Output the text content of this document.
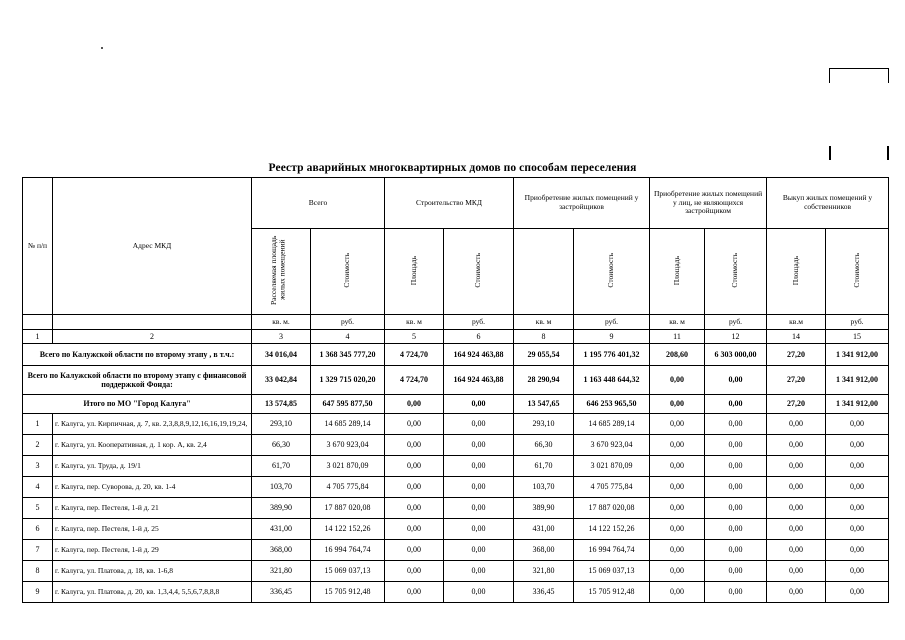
Реестр аварийных многоквартирных домов по способам переселения
№ п/п	Адрес МКД	Всего		Строительство МКД		Приобретение жилых помещений у застройщиков		Приобретение жилых помещений у лиц, не являющихся застройщиком		Выкуп жилых помещений у собственников	
		Расселяемая площадь жилых помещений	Стоимость	Площадь	Стоимость		Стоимость	Площадь	Стоимость	Площадь	Стоимость
		кв. м.	руб.	кв. м	руб.	кв. м	руб.	кв. м	руб.	кв.м	руб.
1	2	3	4	5	6	8	9	11	12	14	15
Всего по Калужской области по второму этапу , в т.ч.:		34 016,04	1 368 345 777,20	4 724,70	164 924 463,88	29 055,54	1 195 776 401,32	208,60	6 303 000,00	27,20	1 341 912,00
Всего по Калужской области по второму этапу с финансовой поддержкой Фонда:		33 042,84	1 329 715 020,20	4 724,70	164 924 463,88	28 290,94	1 163 448 644,32	0,00	0,00	27,20	1 341 912,00
Итого по МО "Город Калуга"		13 574,85	647 595 877,50	0,00	0,00	13 547,65	646 253 965,50	0,00	0,00	27,20	1 341 912,00
1	г. Калуга, ул. Кирпичная, д. 7, кв. 2,3,8,8,9,12,16,16,19,19,24,	293,10	14 685 289,14	0,00	0,00	293,10	14 685 289,14	0,00	0,00	0,00	0,00
2	г. Калуга, ул. Кооперативная, д. 1 кор. А, кв. 2,4	66,30	3 670 923,04	0,00	0,00	66,30	3 670 923,04	0,00	0,00	0,00	0,00
3	г. Калуга, ул. Труда, д. 19/1	61,70	3 021 870,09	0,00	0,00	61,70	3 021 870,09	0,00	0,00	0,00	0,00
4	г. Калуга, пер. Суворова, д. 20, кв. 1-4	103,70	4 705 775,84	0,00	0,00	103,70	4 705 775,84	0,00	0,00	0,00	0,00
5	г. Калуга, пер. Пестеля, 1-й д. 21	389,90	17 887 020,08	0,00	0,00	389,90	17 887 020,08	0,00	0,00	0,00	0,00
6	г. Калуга, пер. Пестеля, 1-й д. 25	431,00	14 122 152,26	0,00	0,00	431,00	14 122 152,26	0,00	0,00	0,00	0,00
7	г. Калуга, пер. Пестеля, 1-й д. 29	368,00	16 994 764,74	0,00	0,00	368,00	16 994 764,74	0,00	0,00	0,00	0,00
8	г. Калуга, ул. Платова, д. 18, кв. 1-6,8	321,80	15 069 037,13	0,00	0,00	321,80	15 069 037,13	0,00	0,00	0,00	0,00
9	г. Калуга, ул. Платова, д. 20, кв. 1,3,4,4, 5,5,6,7,8,8,8	336,45	15 705 912,48	0,00	0,00	336,45	15 705 912,48	0,00	0,00	0,00	0,00
